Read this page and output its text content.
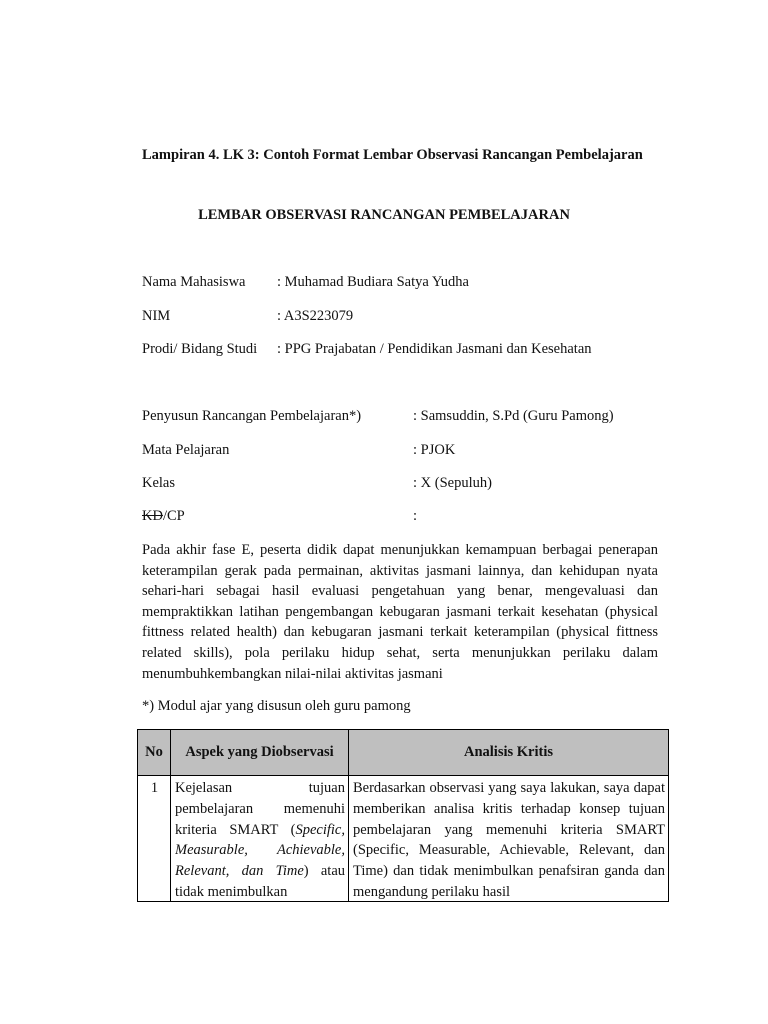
Lampiran 4. LK 3: Contoh Format Lembar Observasi Rancangan Pembelajaran

LEMBAR OBSERVASI RANCANGAN PEMBELAJARAN

Nama Mahasiswa : Muhamad Budiara Satya Yudha

NIM	: A3S223079

Prodi/ Bidang Studi : PPG Prajabatan / Pendidikan Jasmani dan Kesehatan

Penyusun Rancangan Pembelajaran*)	: Samsuddin, S.Pd (Guru Pamong)

Mata Pelajaran	: PJOK

Kelas	: X (Sepuluh)

KD/CP	:

Pada akhir fase E, peserta didik dapat menunjukkan kemampuan berbagai penerapan keterampilan gerak pada permainan, aktivitas jasmani lainnya, dan kehidupan nyata sehari-hari sebagai hasil evaluasi pengetahuan yang benar, mengevaluasi dan mempraktikkan latihan pengembangan kebugaran jasmani terkait kesehatan (physical fittness related health) dan kebugaran jasmani terkait keterampilan (physical fittness related skills), pola perilaku hidup sehat, serta menunjukkan perilaku dalam menumbuhkembangkan nilai-nilai aktivitas jasmani

*) Modul ajar yang disusun oleh guru pamong

No	Aspek yang Diobservasi	Analisis Kritis
1	Kejelasan tujuan pembelajaran memenuhi kriteria SMART (Specific, Measurable, Achievable, Relevant, dan Time) atau tidak menimbulkan	Berdasarkan observasi yang saya lakukan, saya dapat memberikan analisa kritis terhadap konsep tujuan pembelajaran yang memenuhi kriteria SMART (Specific, Measurable, Achievable, Relevant, dan Time) dan tidak menimbulkan penafsiran ganda dan mengandung perilaku hasil
